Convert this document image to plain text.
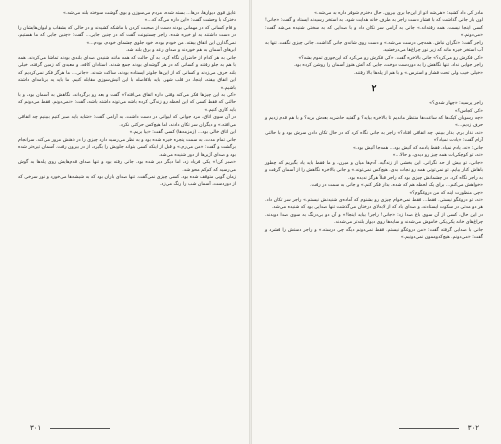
عایق قوی دیوارها، درها... بسته شده، مردم می‌سوزن و بوی گوشت سوخته بلند می‌شه.»

دخترک با وحشت گفت: «این داره می‌گه که...»

و فام کسانی که در مهمانی بودند دست از صحبت کردن با ماشکه کشیدند و در حالی که بشقاب و لیوان‌هایشان را در دست داشتند به او خیره شده. راجر چستیونت گفت که در چنین جایی... گفت: «چنین جایی که ما هستیم، نمی‌گذارن این اتفاق بیفته. من خودم بوده، خود جلوی چشمای خودم، بودم...»

ابرهای آسمان به هم خوردند و صدای رعد و برق بلند شد.

جانی به هر کدام از حاضران نگاه کرد. به آن حالت که همه مانند شنیدن صدای بلندی بودند تماشا می‌کردند. همه با هم به جلو رفتند و کسانی که در هر گوشه‌ای بودند جمع شدند. استادان کافه، و معبدی که زمین گرفته، خیلی بلند حرف می‌زدند و کسانی که از این‌ها جلوتر ایستاده بودند، ساکت شدند. «جانی... ما هرگز فکر نمی‌کردیم که این اتفاق بیفته، اینجا، در قلب شهر. باید بلافاصله با این آتیش‌سوزی مقابله کنیم. ما باید یه برنامه‌ای داشته باشیم.»

«کی به این چیزها فکر می‌کنه وقتی داره اتفاق می‌افته؟» گفت و بعد رو برگرداند، نگاهش به آسمان بود، و با حالتی که فقط کسی که این لحظه رو زندگی کرده باشه می‌تونه داشته باشه، گفت: «نمی‌دونم. فقط می‌دونم که باید کاری کنیم.»

در آن سوی اتاق، مرد جوانی که لیوانی در دست داشت، به آرامی گفت: «شاید باید صبر کنیم ببینیم چه اتفاقی می‌افته.» و دیگران سر تکان دادند، اما هیچ‌کس حرکتی نکرد.

این اتاق خالی بود... (زمزمه‌ها) کسی گفت: «بیا بریم.»

جانی تمام مدت، به سمت پنجره خیره شده بود و به نظر می‌رسید دارد چیزی را در ذهنش مرور می‌کند. سرانجام برگشت و گفت: «من می‌رم.» و قبل از اینکه کسی بتواند جلویش را بگیرد، از در بیرون رفت. آسمان تیره‌تر شده بود و صدای آژیرها از دور شنیده می‌شد.

«صبر کن!» یکی فریاد زد، اما دیگر دیر شده بود. جانی رفته بود و تنها صدای قدم‌هایش روی پله‌ها به گوش می‌رسید که کم‌کم محو شد.

زمان گویی متوقف شده بود. کسی چیزی نمی‌گفت. تنها صدای باران بود که به شیشه‌ها می‌خورد و نور سرخی که از دوردست، آسمان شب را رنگ می‌زد.

۳۰۱

مادر کی داد کشید: «هی‌شه اتو از این‌جا بری بیرون. حال دخترم شوفر داره بد می‌شه.»

اون بار جانی گذاشت که با فشار دست راجر به طرف خانه هدایت شود. به استخر رسیدند ایستاد و گفت: «جانی! کسی اینجا نیست. همه رفته‌اند.» جانی به آرامی سر تکان داد و با صدایی که به سختی شنیده می‌شد گفت: «می‌دونم.»

راجر گفت: «نگران نباش. همه‌چی درست می‌شه.» و دست روی شانه‌ی جانی گذاشت. جانی چیزی نگفت. تنها به آب استخر خیره ماند که زیر نور چراغ‌ها می‌درخشید.

«کی فکرش رو می‌کرد؟» جانی بالاخره گفت. «کی فکرش رو می‌کرد که این‌جوری تموم بشه؟»

راجر جوابی نداد. تنها نگاهش را به دوردست دوخت، جایی که آتش هنوز آسمان را روشن کرده بود.

«خیلی خیب ولی تحت فشار و استرس.» و با هم از پله‌ها بالا رفتند.

۲

راجر پرسید: «چهار شدی؟»

«کی کجاس؟»

«چه رسوبان کیک‌ها که ساعت‌ها منتظر ماندیم تا بالاخره بیاید؟ و گفتید حاضرید بعدش برید؟ و با هم قدم زدیم و حرف زدیم...»

«نه، نذار برم. بذار ببینم. چه اتفاقی افتاد؟» راجر به جانی نگاه کرد که در حال تکان دادن سرش بود و با حالتی آرام گفت: «یادت نمیاد؟»

جانی: «نه، یادم نمیاد. فقط یادمه که آتیش بود... همه‌جا آتیش بود.»

«نه، تو کوچکی‌ات همه چیز رو دیدی، و حالا...»

«جانی، تو بیش از حد نگرانی. این بخشی از زندگیه. آدم‌ها میان و میرن، و ما فقط باید یاد بگیریم که چطور باهاش کنار بیایم. تو نمی‌تونی همه رو نجات بدی. هیچ‌کس نمی‌تونه.» و جانی بالاخره نگاهش را از آسمان گرفت و به راجر نگاه کرد. در چشمانش چیزی بود که راجر قبلاً هرگز ندیده بود.

«خواهش می‌کنم... برای یک لحظه هم که شده، بذار فکر کنم.» و جانی به سمت در رفت.

«چی منظورت اینه که من دروغگوم؟»

«نه، تو دروغگو نیستی. فقط... فقط نمی‌خوام چیزی رو بشنوم که آماده‌ی شنیدنش نیستم.» راجر سر تکان داد. هر دو مدتی در سکوت ایستادند، و صدای باد که از لابه‌لای درختان می‌گذشت تنها صدایی بود که شنیده می‌شد.

در این حال، کسی از آن سوی باغ صدا زد: «جانی! راجر! بیاید اینجا!» و آن دو بی‌درنگ به سوی صدا دویدند. چراغ‌های خانه یکی‌یکی خاموش می‌شدند و سایه‌ها روی دیوار بلندتر می‌شدند.

جانی با صدایی گرفته گفت: «من دروغگو نیستم. فقط نمی‌دونم دیگه چی درسته.» و راجر دستش را فشرد و گفت: «می‌دونم. هیچ‌کدوممون نمی‌دونیم.»

۳۰۲
